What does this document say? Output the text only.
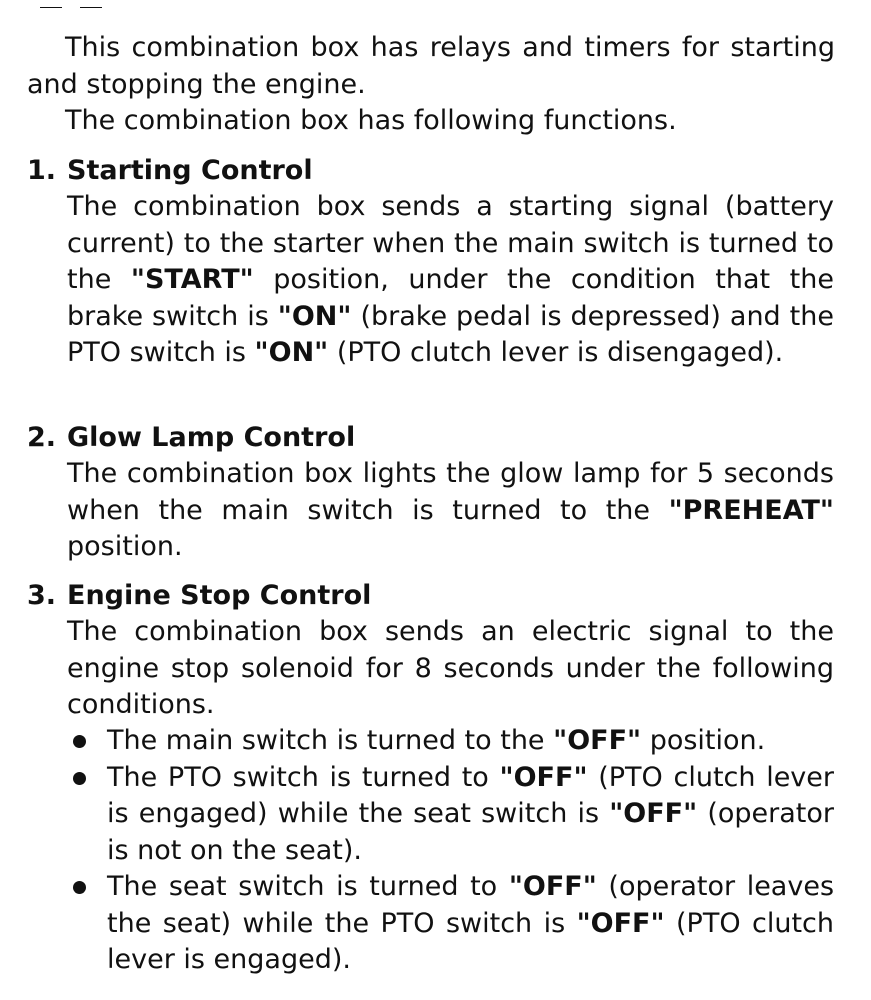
This combination box has relays and timers for starting and stopping the engine.

The combination box has following functions.

1. Starting Control

The combination box sends a starting signal (battery current) to the starter when the main switch is turned to the "START" position, under the condition that the brake switch is "ON" (brake pedal is depressed) and the PTO switch is "ON" (PTO clutch lever is disengaged).

2. Glow Lamp Control

The combination box lights the glow lamp for 5 seconds when the main switch is turned to the "PREHEAT" position.

3. Engine Stop Control

The combination box sends an electric signal to the engine stop solenoid for 8 seconds under the following conditions.

The main switch is turned to the "OFF" position.
The PTO switch is turned to "OFF" (PTO clutch lever is engaged) while the seat switch is "OFF" (operator is not on the seat).
The seat switch is turned to "OFF" (operator leaves the seat) while the PTO switch is "OFF" (PTO clutch lever is engaged).
